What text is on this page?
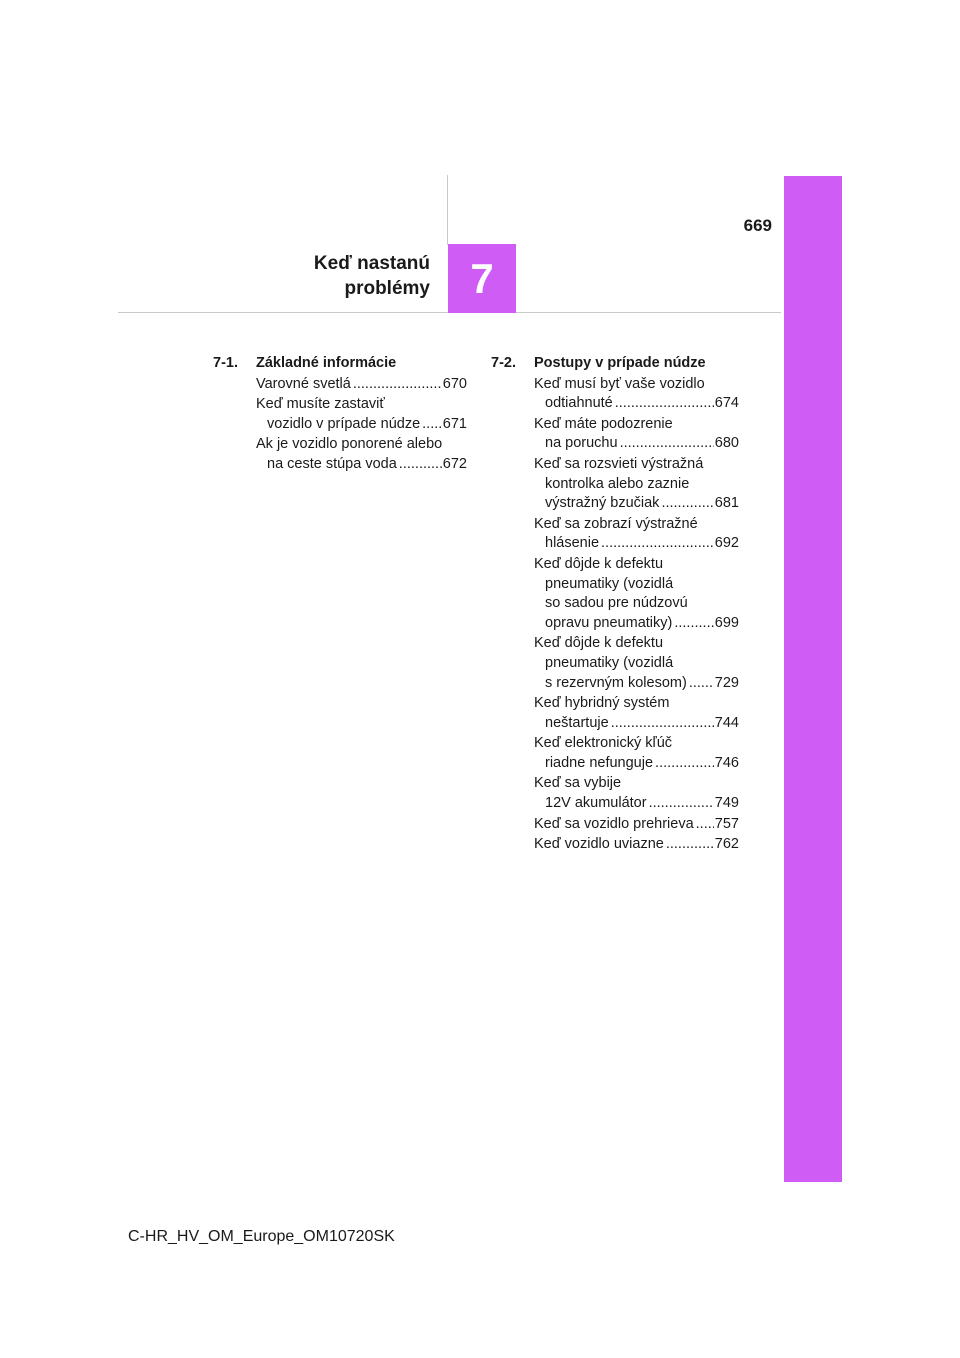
7
669
Keď nastanú
problémy
7-1.	Základné informácie
Varovné svetlá .....	670
Keď musíte zastaviť
vozidlo v prípade núdze .....	671
Ak je vozidlo ponorené alebo
na ceste stúpa voda .....	672
7-2.	Postupy v prípade núdze
Keď musí byť vaše vozidlo
odtiahnuté .....	674
Keď máte podozrenie
na poruchu .....	680
Keď sa rozsvieti výstražná
kontrolka alebo zaznie
výstražný bzučiak .....	681
Keď sa zobrazí výstražné
hlásenie .....	692
Keď dôjde k defektu
pneumatiky (vozidlá
so sadou pre núdzovú
opravu pneumatiky) .....	699
Keď dôjde k defektu
pneumatiky (vozidlá
s rezervným kolesom) .....	729
Keď hybridný systém
neštartuje .....	744
Keď elektronický kľúč
riadne nefunguje .....	746
Keď sa vybije
12V akumulátor .....	749
Keď sa vozidlo prehrieva .....	757
Keď vozidlo uviazne .....	762
C-HR_HV_OM_Europe_OM10720SK
